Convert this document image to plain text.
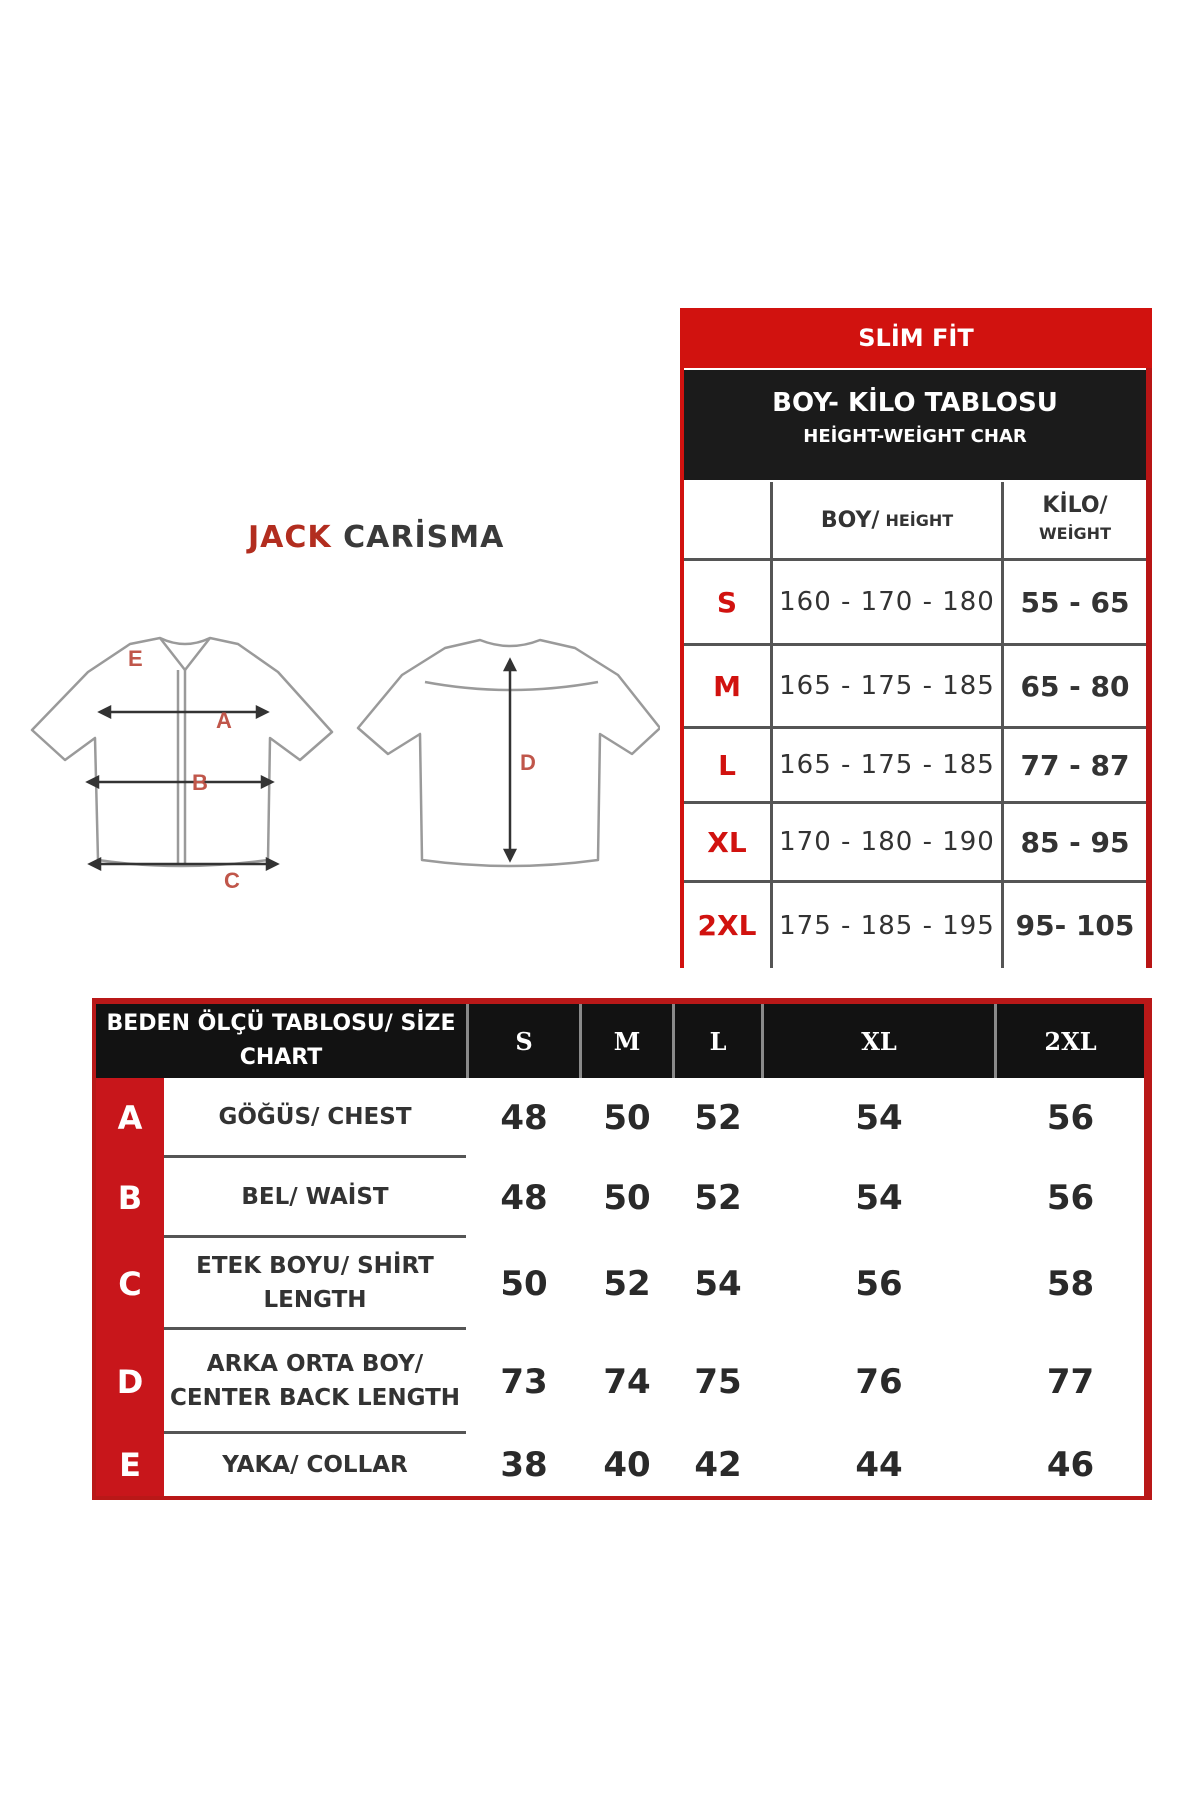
JACK CARİSMA
A
B
C
D
E
SLİM FİT
BOY- KİLO TABLOSU
HEİGHT-WEİGHT CHAR
BOY/ HEİGHT
KİLO/
WEİGHT
S	160 - 170 - 180 55 - 65
M	165 - 175 - 185 65 - 80
L	165 - 175 - 185 77 - 87
XL	170 - 180 - 190 85 - 95
2XL 175 - 185 - 195 95- 105
BEDEN ÖLÇÜ TABLOSU/ SİZE
CHART
S	M	L	XL	2XL
A	GÖĞÜS/ CHEST	48	50	52	54	56
B	BEL/ WAİST	48	50	52	54	56
C	ETEK BOYU/ SHİRT
LENGTH	50	52	54	56	58
D	ARKA ORTA BOY/
CENTER BACK LENGTH	73	74	75	76	77
E	YAKA/ COLLAR	38	40	42	44	46
